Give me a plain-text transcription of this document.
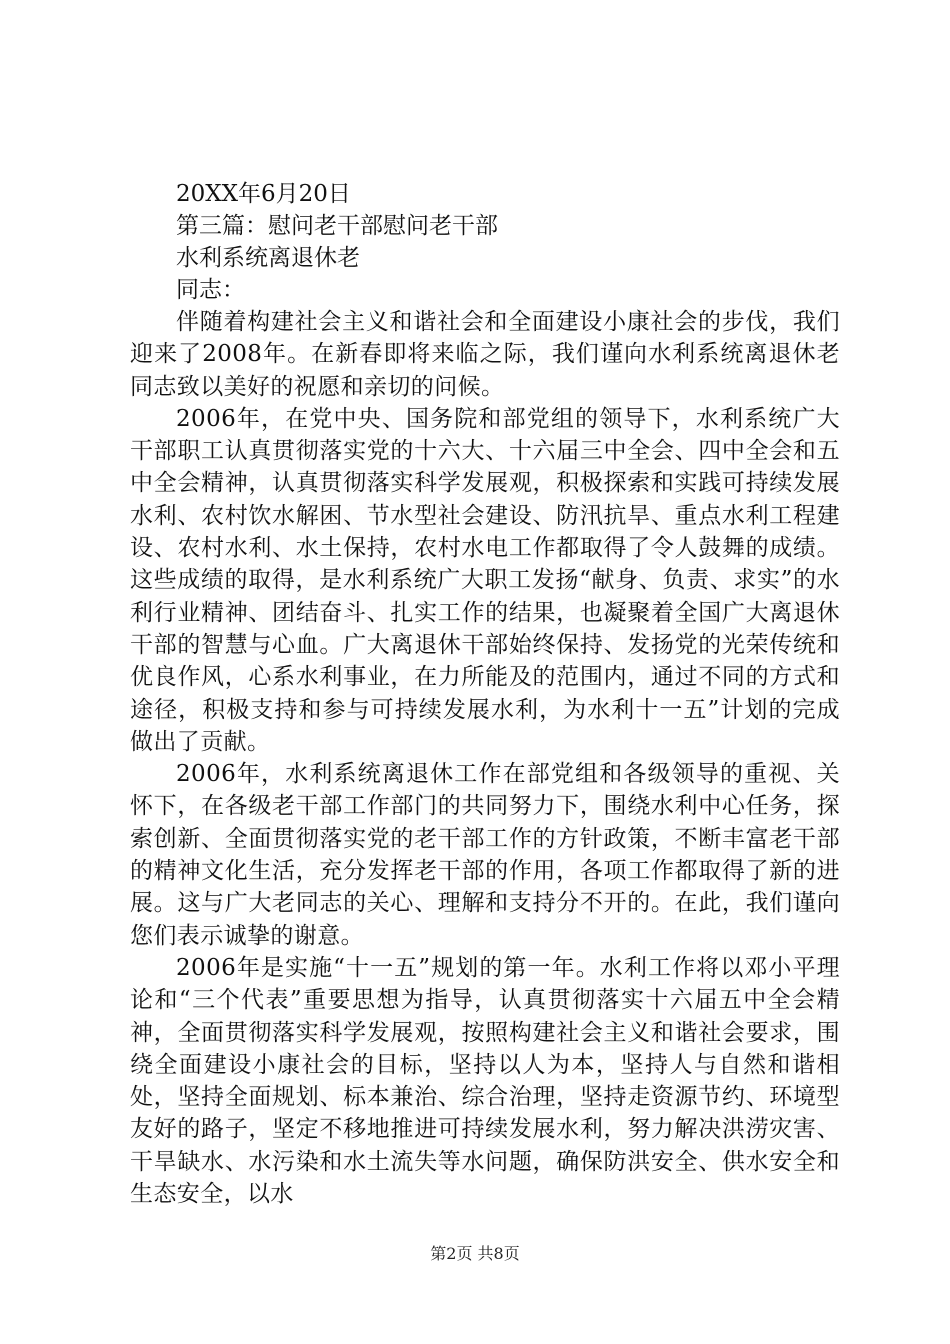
20XX年6月20日

第三篇：慰问老干部慰问老干部

水利系统离退休老

同志：

伴随着构建社会主义和谐社会和全面建设小康社会的步伐，我们迎来了2008年。在新春即将来临之际，我们谨向水利系统离退休老同志致以美好的祝愿和亲切的问候。

2006年，在党中央、国务院和部党组的领导下，水利系统广大干部职工认真贯彻落实党的十六大、十六届三中全会、四中全会和五中全会精神，认真贯彻落实科学发展观，积极探索和实践可持续发展水利、农村饮水解困、节水型社会建设、防汛抗旱、重点水利工程建设、农村水利、水土保持，农村水电工作都取得了令人鼓舞的成绩。这些成绩的取得，是水利系统广大职工发扬“献身、负责、求实”的水利行业精神、团结奋斗、扎实工作的结果，也凝聚着全国广大离退休干部的智慧与心血。广大离退休干部始终保持、发扬党的光荣传统和优良作风，心系水利事业，在力所能及的范围内，通过不同的方式和途径，积极支持和参与可持续发展水利，为水利十一五”计划的完成做出了贡献。

2006年，水利系统离退休工作在部党组和各级领导的重视、关怀下，在各级老干部工作部门的共同努力下，围绕水利中心任务，探索创新、全面贯彻落实党的老干部工作的方针政策，不断丰富老干部的精神文化生活，充分发挥老干部的作用，各项工作都取得了新的进展。这与广大老同志的关心、理解和支持分不开的。在此，我们谨向您们表示诚挚的谢意。

2006年是实施“十一五”规划的第一年。水利工作将以邓小平理论和“三个代表”重要思想为指导，认真贯彻落实十六届五中全会精神，全面贯彻落实科学发展观，按照构建社会主义和谐社会要求，围绕全面建设小康社会的目标，坚持以人为本，坚持人与自然和谐相处，坚持全面规划、标本兼治、综合治理，坚持走资源节约、环境型友好的路子，坚定不移地推进可持续发展水利，努力解决洪涝灾害、干旱缺水、水污染和水土流失等水问题，确保防洪安全、供水安全和生态安全，以水

第2页 共8页
